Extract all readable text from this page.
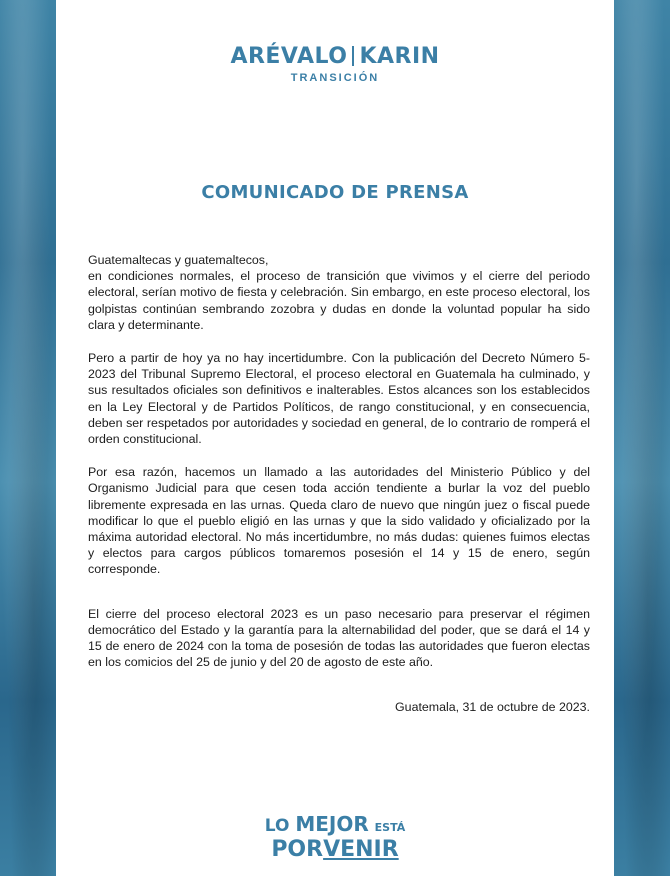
ARÉVALO KARIN
TRANSICIÓN
COMUNICADO DE PRENSA

Guatemaltecas y guatemaltecos,
en condiciones normales, el proceso de transición que vivimos y el cierre del periodo electoral, serían motivo de fiesta y celebración. Sin embargo, en este proceso electoral, los golpistas continúan sembrando zozobra y dudas en donde la voluntad popular ha sido clara y determinante.

Pero a partir de hoy ya no hay incertidumbre. Con la publicación del Decreto Número 5-2023 del Tribunal Supremo Electoral, el proceso electoral en Guatemala ha culminado, y sus resultados oficiales son definitivos e inalterables. Estos alcances son los establecidos en la Ley Electoral y de Partidos Políticos, de rango constitucional, y en consecuencia, deben ser respetados por autoridades y sociedad en general, de lo contrario de romperá el orden constitucional.

Por esa razón, hacemos un llamado a las autoridades del Ministerio Público y del Organismo Judicial para que cesen toda acción tendiente a burlar la voz del pueblo libremente expresada en las urnas. Queda claro de nuevo que ningún juez o fiscal puede modificar lo que el pueblo eligió en las urnas y que la sido validado y oficializado por la máxima autoridad electoral. No más incertidumbre, no más dudas: quienes fuimos electas y electos para cargos públicos tomaremos posesión el 14 y 15 de enero, según corresponde.

El cierre del proceso electoral 2023 es un paso necesario para preservar el régimen democrático del Estado y la garantía para la alternabilidad del poder, que se dará el 14 y 15 de enero de 2024 con la toma de posesión de todas las autoridades que fueron electas en los comicios del 25 de junio y del 20 de agosto de este año.

Guatemala, 31 de octubre de 2023.
LO MEJOR ESTÁ
PORVENIR
